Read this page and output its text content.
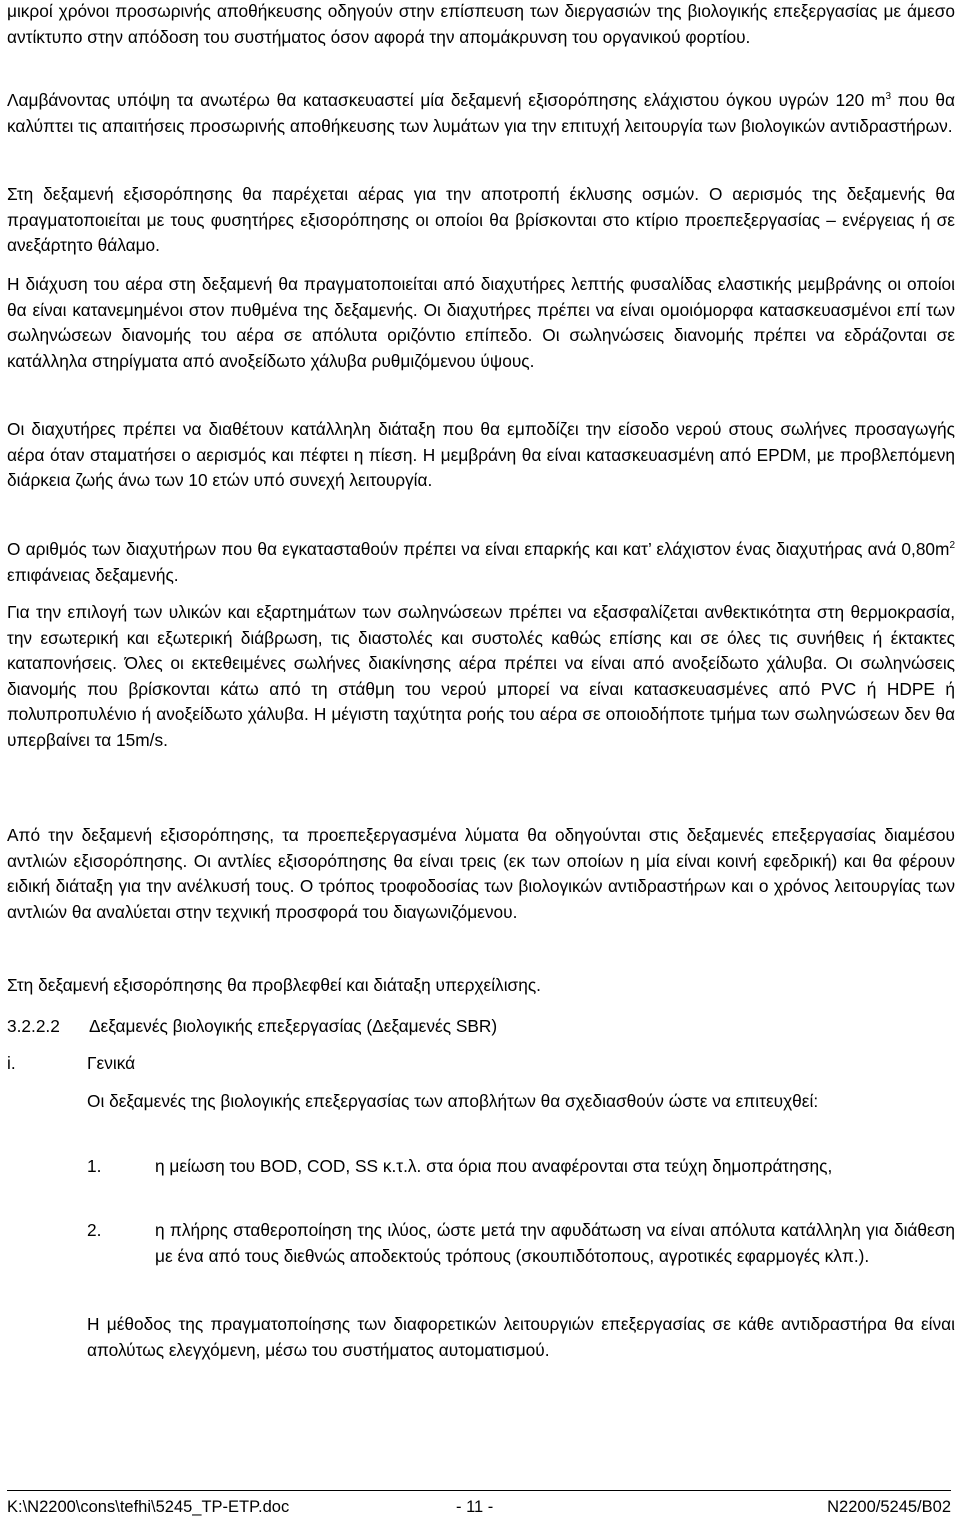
μικροί χρόνοι προσωρινής αποθήκευσης οδηγούν στην επίσπευση των διεργασιών της βιολογικής επεξεργασίας με άμεσο αντίκτυπο στην απόδοση του συστήματος όσον αφορά την απομάκρυνση του οργανικού φορτίου.

Λαμβάνοντας υπόψη τα ανωτέρω θα κατασκευαστεί μία δεξαμενή εξισορόπησης ελάχιστου όγκου υγρών 120 $m^3$ που θα καλύπτει τις απαιτήσεις προσωρινής αποθήκευσης των λυμάτων για την επιτυχή λειτουργία των βιολογικών αντιδραστήρων.

Στη δεξαμενή εξισορόπησης θα παρέχεται αέρας για την αποτροπή έκλυσης οσμών. Ο αερισμός της δεξαμενής θα πραγματοποιείται με τους φυσητήρες εξισορόπησης οι οποίοι θα βρίσκονται στο κτίριο προεπεξεργασίας – ενέργειας ή σε ανεξάρτητο θάλαμο.

Η διάχυση του αέρα στη δεξαμενή θα πραγματοποιείται από διαχυτήρες λεπτής φυσαλίδας ελαστικής μεμβράνης οι οποίοι θα είναι κατανεμημένοι στον πυθμένα της δεξαμενής. Οι διαχυτήρες πρέπει να είναι ομοιόμορφα κατασκευασμένοι επί των σωληνώσεων διανομής του αέρα σε απόλυτα οριζόντιο επίπεδο. Οι σωληνώσεις διανομής πρέπει να εδράζονται σε κατάλληλα στηρίγματα από ανοξείδωτο χάλυβα ρυθμιζόμενου ύψους.

Οι διαχυτήρες πρέπει να διαθέτουν κατάλληλη διάταξη που θα εμποδίζει την είσοδο νερού στους σωλήνες προσαγωγής αέρα όταν σταματήσει ο αερισμός και πέφτει η πίεση. Η μεμβράνη θα είναι κατασκευασμένη από EPDM, με προβλεπόμενη διάρκεια ζωής άνω των 10 ετών υπό συνεχή λειτουργία.

Ο αριθμός των διαχυτήρων που θα εγκατασταθούν πρέπει να είναι επαρκής και κατ’ ελάχιστον ένας διαχυτήρας ανά $0,80m^2$ επιφάνειας δεξαμενής.

Για την επιλογή των υλικών και εξαρτημάτων των σωληνώσεων πρέπει να εξασφαλίζεται ανθεκτικότητα στη θερμοκρασία, την εσωτερική και εξωτερική διάβρωση, τις διαστολές και συστολές καθώς επίσης και σε όλες τις συνήθεις ή έκτακτες καταπονήσεις. Όλες οι εκτεθειμένες σωλήνες διακίνησης αέρα πρέπει να είναι από ανοξείδωτο χάλυβα. Οι σωληνώσεις διανομής που βρίσκονται κάτω από τη στάθμη του νερού μπορεί να είναι κατασκευασμένες από PVC ή HDPE ή πολυπροπυλένιο ή ανοξείδωτο χάλυβα. Η μέγιστη ταχύτητα ροής του αέρα σε οποιοδήποτε τμήμα των σωληνώσεων δεν θα υπερβαίνει τα 15m/s.

Από την δεξαμενή εξισορόπησης, τα προεπεξεργασμένα λύματα θα οδηγούνται στις δεξαμενές επεξεργασίας διαμέσου αντλιών εξισορόπησης. Οι αντλίες εξισορόπησης θα είναι τρεις (εκ των οποίων η μία είναι κοινή εφεδρική) και θα φέρουν ειδική διάταξη για την ανέλκυσή τους. Ο τρόπος τροφοδοσίας των βιολογικών αντιδραστήρων και ο χρόνος λειτουργίας των αντλιών θα αναλύεται στην τεχνική προσφορά του διαγωνιζόμενου.

Στη δεξαμενή εξισορόπησης θα προβλεφθεί και διάταξη υπερχείλισης.

3.2.2.2 Δεξαμενές βιολογικής επεξεργασίας (Δεξαμενές SBR)
i.	Γενικά

Οι δεξαμενές της βιολογικής επεξεργασίας των αποβλήτων θα σχεδιασθούν ώστε να επιτευχθεί:

1.	η μείωση του BOD, COD, SS κ.τ.λ. στα όρια που αναφέρονται στα τεύχη δημοπράτησης,

2.	η πλήρης σταθεροποίηση της ιλύος, ώστε μετά την αφυδάτωση να είναι απόλυτα κατάλληλη για διάθεση με ένα από τους διεθνώς αποδεκτούς τρόπους (σκουπιδότοπους, αγροτικές εφαρμογές κλπ.).

Η μέθοδος της πραγματοποίησης των διαφορετικών λειτουργιών επεξεργασίας σε κάθε αντιδραστήρα θα είναι απολύτως ελεγχόμενη, μέσω του συστήματος αυτοματισμού.

K:\N2200\cons\tefhi\5245_TP-ETP.doc	- 11 -	N2200/5245/B02
